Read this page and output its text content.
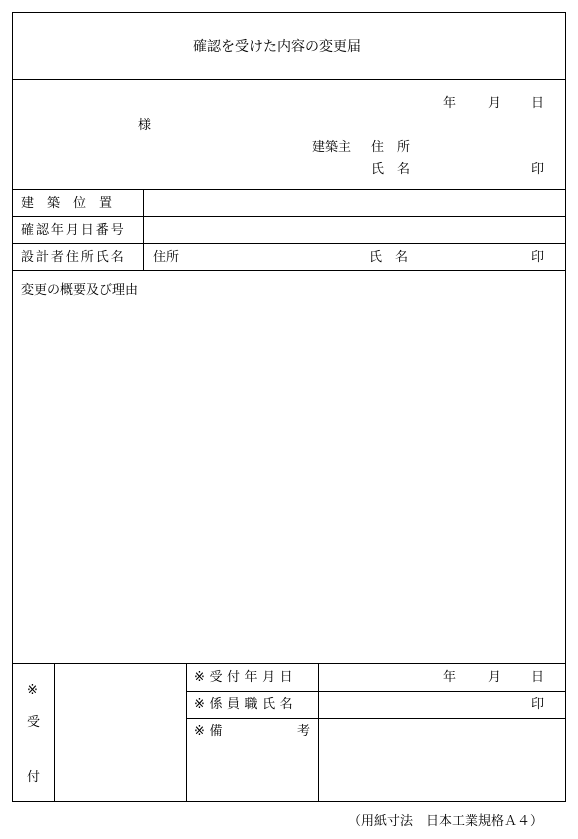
確認を受けた内容の変更届
年 月 日
様
建築主 住　所
氏　名	印
建　築　位　置
確認年月日番号
設計者住所氏名 住所	氏　名	印
変更の概要及び理由
※
受
付
※受付年月日	年 月 日
※係員職氏名	印
※備	考
（用紙寸法　日本工業規格Ａ４）
